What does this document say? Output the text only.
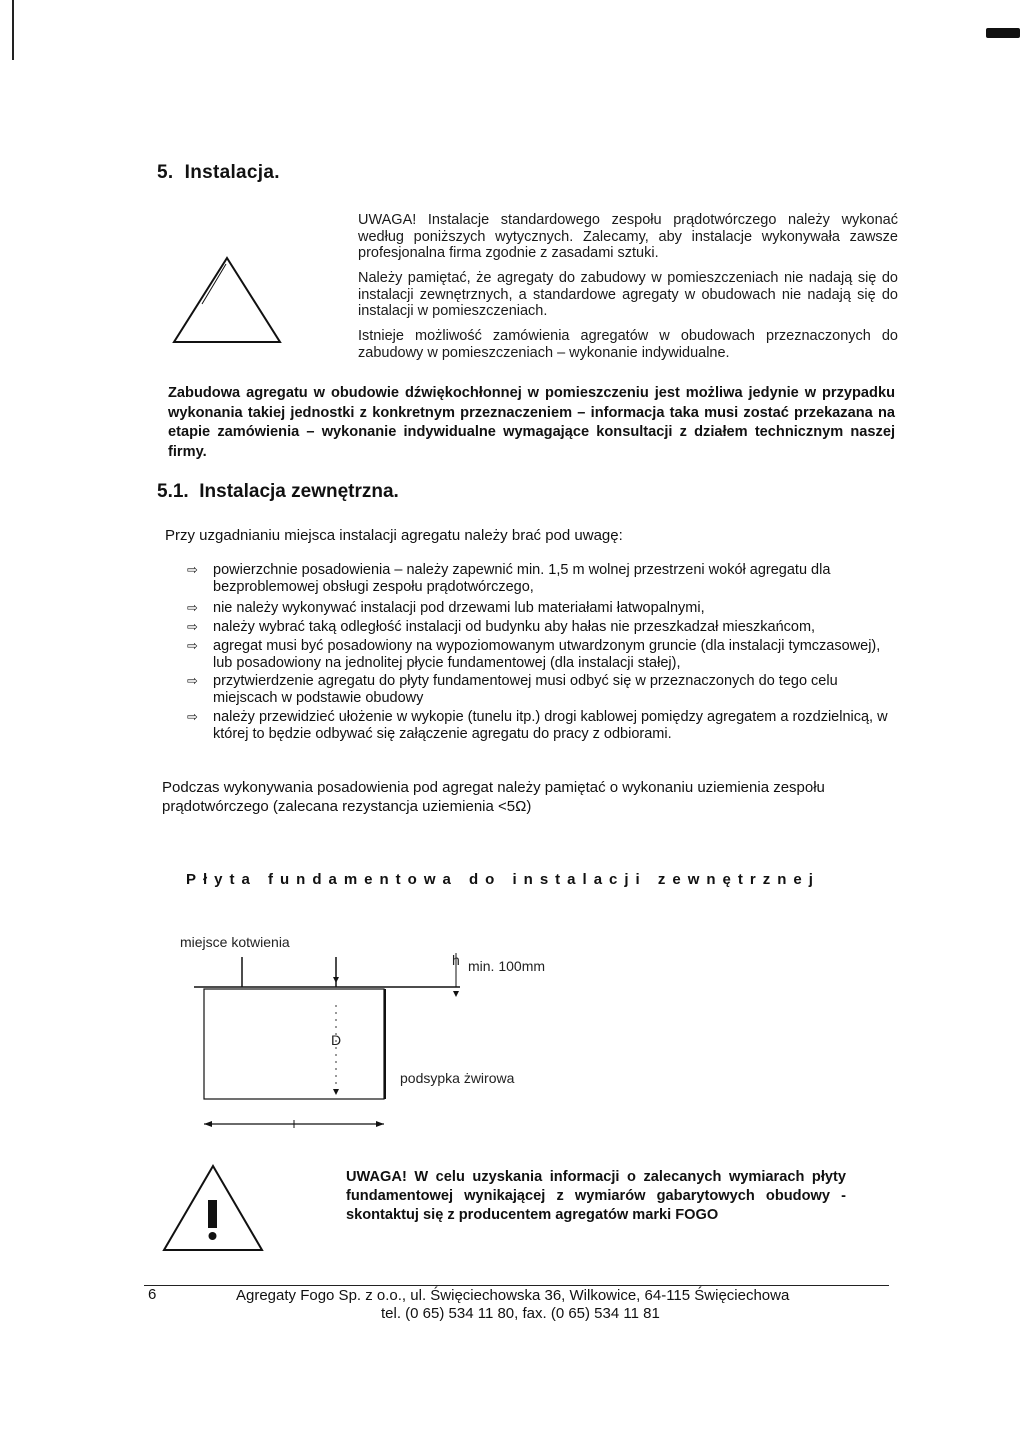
5. Instalacja.

UWAGA! Instalacje standardowego zespołu prądotwórczego należy wykonać według poniższych wytycznych. Zalecamy, aby instalacje wykonywała zawsze profesjonalna firma zgodnie z zasadami sztuki.

Należy pamiętać, że agregaty do zabudowy w pomieszczeniach nie nadają się do instalacji zewnętrznych, a standardowe agregaty w obudowach nie nadają się do instalacji w pomieszczeniach.

Istnieje możliwość zamówienia agregatów w obudowach przeznaczonych do zabudowy w pomieszczeniach – wykonanie indywidualne.

Zabudowa agregatu w obudowie dźwiękochłonnej w pomieszczeniu jest możliwa jedynie w przypadku wykonania takiej jednostki z konkretnym przeznaczeniem – informacja taka musi zostać przekazana na etapie zamówienia – wykonanie indywidualne wymagające konsultacji z działem technicznym naszej firmy.
5.1. Instalacja zewnętrzna.
Przy uzgadnianiu miejsca instalacji agregatu należy brać pod uwagę:
⇨ powierzchnie posadowienia – należy zapewnić min. 1,5 m wolnej przestrzeni wokół agregatu dla bezproblemowej obsługi zespołu prądotwórczego,
⇨ nie należy wykonywać instalacji pod drzewami lub materiałami łatwopalnymi,
⇨ należy wybrać taką odległość instalacji od budynku aby hałas nie przeszkadzał mieszkańcom,
⇨ agregat musi być posadowiony na wypoziomowanym utwardzonym gruncie (dla instalacji tymczasowej), lub posadowiony na jednolitej płycie fundamentowej (dla instalacji stałej),
⇨ przytwierdzenie agregatu do płyty fundamentowej musi odbyć się w przeznaczonych do tego celu miejscach w podstawie obudowy
⇨ należy przewidzieć ułożenie w wykopie (tunelu itp.) drogi kablowej pomiędzy agregatem a rozdzielnicą, w której to będzie odbywać się załączenie agregatu do pracy z odbiorami.
Podczas wykonywania posadowienia pod agregat należy pamiętać o wykonaniu uziemienia zespołu prądotwórczego (zalecana rezystancja uziemienia <5Ω)
Płyta fundamentowa do instalacji zewnętrznej
miejsce kotwienia
h min. 100mm
D
podsypka żwirowa
UWAGA! W celu uzyskania informacji o zalecanych wymiarach płyty fundamentowej wynikającej z wymiarów gabarytowych obudowy - skontaktuj się z producentem agregatów marki FOGO
6	Agregaty Fogo Sp. z o.o., ul. Święciechowska 36, Wilkowice, 64-115 Święciechowa
tel. (0 65) 534 11 80, fax. (0 65) 534 11 81
